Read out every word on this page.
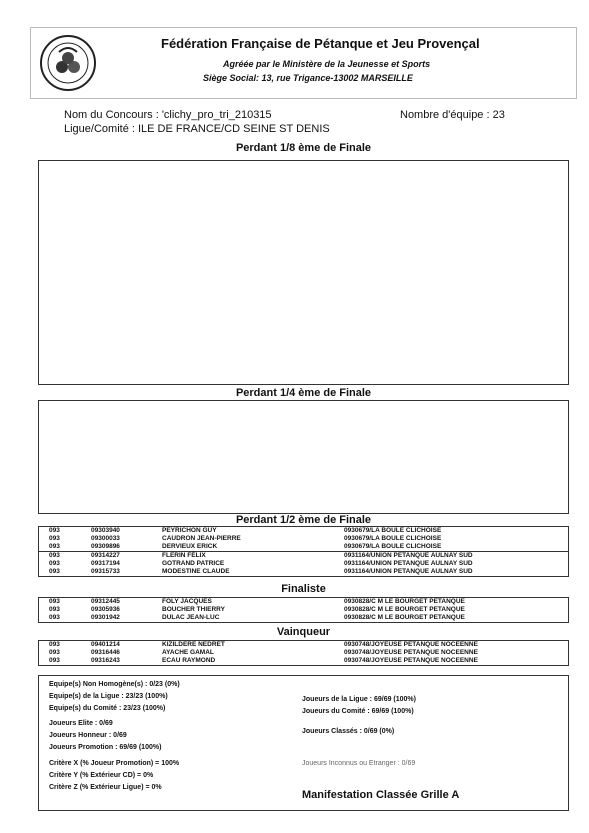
Fédération Française de Pétanque et Jeu Provençal
Agréée par le Ministère de la Jeunesse et Sports
Siège Social: 13, rue Trigance-13002 MARSEILLE
Nom du Concours : 'clichy_pro_tri_210315
Ligue/Comité : ILE DE FRANCE/CD SEINE ST DENIS
Nombre d'équipe : 23
Perdant 1/8 ème de Finale
Perdant 1/4 ème de Finale
Perdant 1/2 ème de Finale
093	09303940	PEYRICHON GUY	0930679/LA BOULE CLICHOISE
093	09300033	CAUDRON JEAN-PIERRE	0930679/LA BOULE CLICHOISE
093	09309896	DERVIEUX ERICK	0930679/LA BOULE CLICHOISE
093	09314227	FLERIN FÉLIX	0931164/UNION PETANQUE AULNAY SUD
093	09317194	GOTRAND PATRICE	0931164/UNION PETANQUE AULNAY SUD
093	09315733	MODESTINE CLAUDE	0931164/UNION PETANQUE AULNAY SUD
Finaliste
093	09312445	FOLY JACQUES	0930828/C M LE BOURGET PETANQUE
093	09305936	BOUCHER THIERRY	0930828/C M LE BOURGET PETANQUE
093	09301942	DULAC JEAN-LUC	0930828/C M LE BOURGET PETANQUE
Vainqueur
093	09401214	KIZILDERE NEDRET	0930748/JOYEUSE PETANQUE NOCEENNE
093	09316446	AYACHE GAMAL	0930748/JOYEUSE PETANQUE NOCEENNE
093	09316243	ECAU RAYMOND	0930748/JOYEUSE PETANQUE NOCEENNE
Equipe(s) Non Homogène(s) : 0/23 (0%)
Equipe(s) de la Ligue : 23/23 (100%)
Equipe(s) du Comité : 23/23 (100%)
Joueurs de la Ligue : 69/69 (100%)
Joueurs du Comité : 69/69 (100%)
Joueurs Elite : 0/69
Joueurs Honneur : 0/69
Joueurs Promotion : 69/69 (100%)
Joueurs Classés : 0/69 (0%)
Critère X (% Joueur Promotion) = 100%
Critère Y (% Extérieur CD) = 0%
Critère Z (% Extérieur Ligue) = 0%
Joueurs Inconnus ou Etranger : 0/69
Manifestation Classée Grille A
